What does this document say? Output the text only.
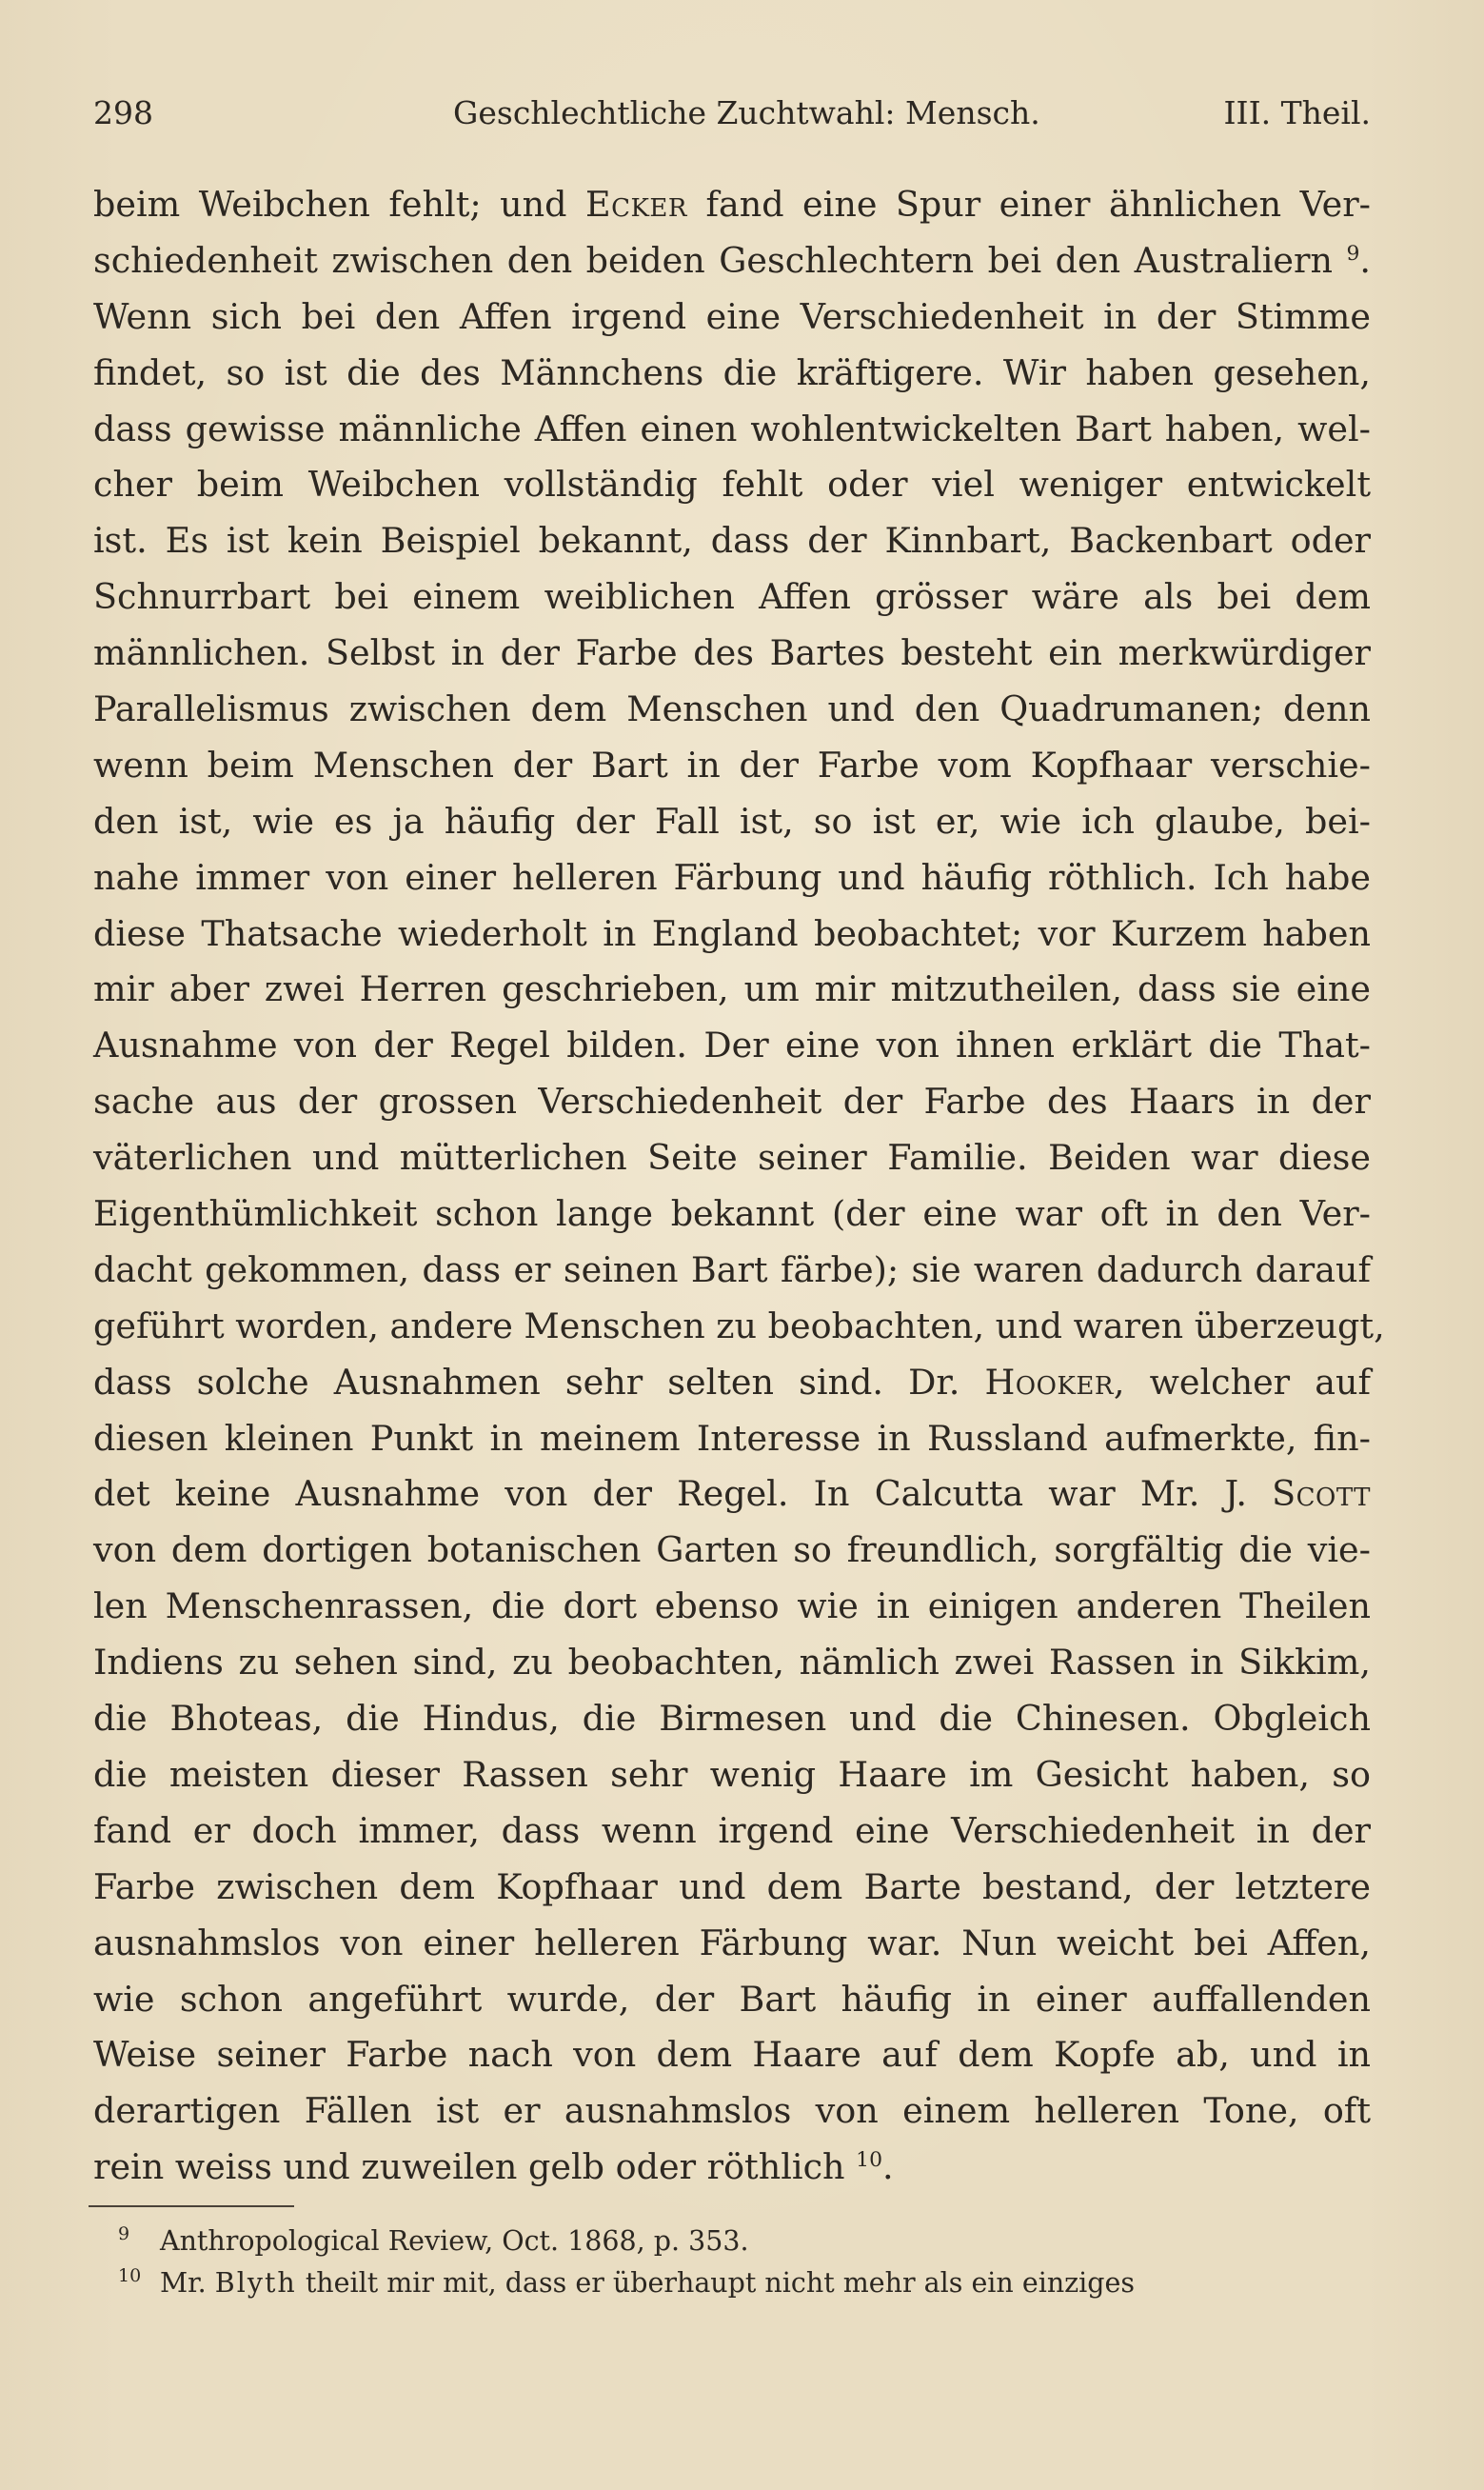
298	Geschlechtliche Zuchtwahl: Mensch.	III. Theil.
beim Weibchen fehlt; und Ecker fand eine Spur einer ähnlichen Ver-
schiedenheit zwischen den beiden Geschlechtern bei den Australiern $^9$.
Wenn sich bei den Affen irgend eine Verschiedenheit in der Stimme
findet, so ist die des Männchens die kräftigere. Wir haben gesehen,
dass gewisse männliche Affen einen wohlentwickelten Bart haben, wel-
cher beim Weibchen vollständig fehlt oder viel weniger entwickelt
ist. Es ist kein Beispiel bekannt, dass der Kinnbart, Backenbart oder
Schnurrbart bei einem weiblichen Affen grösser wäre als bei dem
männlichen. Selbst in der Farbe des Bartes besteht ein merkwürdiger
Parallelismus zwischen dem Menschen und den Quadrumanen; denn
wenn beim Menschen der Bart in der Farbe vom Kopfhaar verschie-
den ist, wie es ja häufig der Fall ist, so ist er, wie ich glaube, bei-
nahe immer von einer helleren Färbung und häufig röthlich. Ich habe
diese Thatsache wiederholt in England beobachtet; vor Kurzem haben
mir aber zwei Herren geschrieben, um mir mitzutheilen, dass sie eine
Ausnahme von der Regel bilden. Der eine von ihnen erklärt die That-
sache aus der grossen Verschiedenheit der Farbe des Haars in der
väterlichen und mütterlichen Seite seiner Familie. Beiden war diese
Eigenthümlichkeit schon lange bekannt (der eine war oft in den Ver-
dacht gekommen, dass er seinen Bart färbe); sie waren dadurch darauf
geführt worden, andere Menschen zu beobachten, und waren überzeugt,
dass solche Ausnahmen sehr selten sind. Dr. Hooker, welcher auf
diesen kleinen Punkt in meinem Interesse in Russland aufmerkte, fin-
det keine Ausnahme von der Regel. In Calcutta war Mr. J. Scott
von dem dortigen botanischen Garten so freundlich, sorgfältig die vie-
len Menschenrassen, die dort ebenso wie in einigen anderen Theilen
Indiens zu sehen sind, zu beobachten, nämlich zwei Rassen in Sikkim,
die Bhoteas, die Hindus, die Birmesen und die Chinesen. Obgleich
die meisten dieser Rassen sehr wenig Haare im Gesicht haben, so
fand er doch immer, dass wenn irgend eine Verschiedenheit in der
Farbe zwischen dem Kopfhaar und dem Barte bestand, der letztere
ausnahmslos von einer helleren Färbung war. Nun weicht bei Affen,
wie schon angeführt wurde, der Bart häufig in einer auffallenden
Weise seiner Farbe nach von dem Haare auf dem Kopfe ab, und in
derartigen Fällen ist er ausnahmslos von einem helleren Tone, oft
rein weiss und zuweilen gelb oder röthlich $^{10}$.
9 Anthropological Review, Oct. 1868, p. 353.
10 Mr. Blyth theilt mir mit, dass er überhaupt nicht mehr als ein einziges
